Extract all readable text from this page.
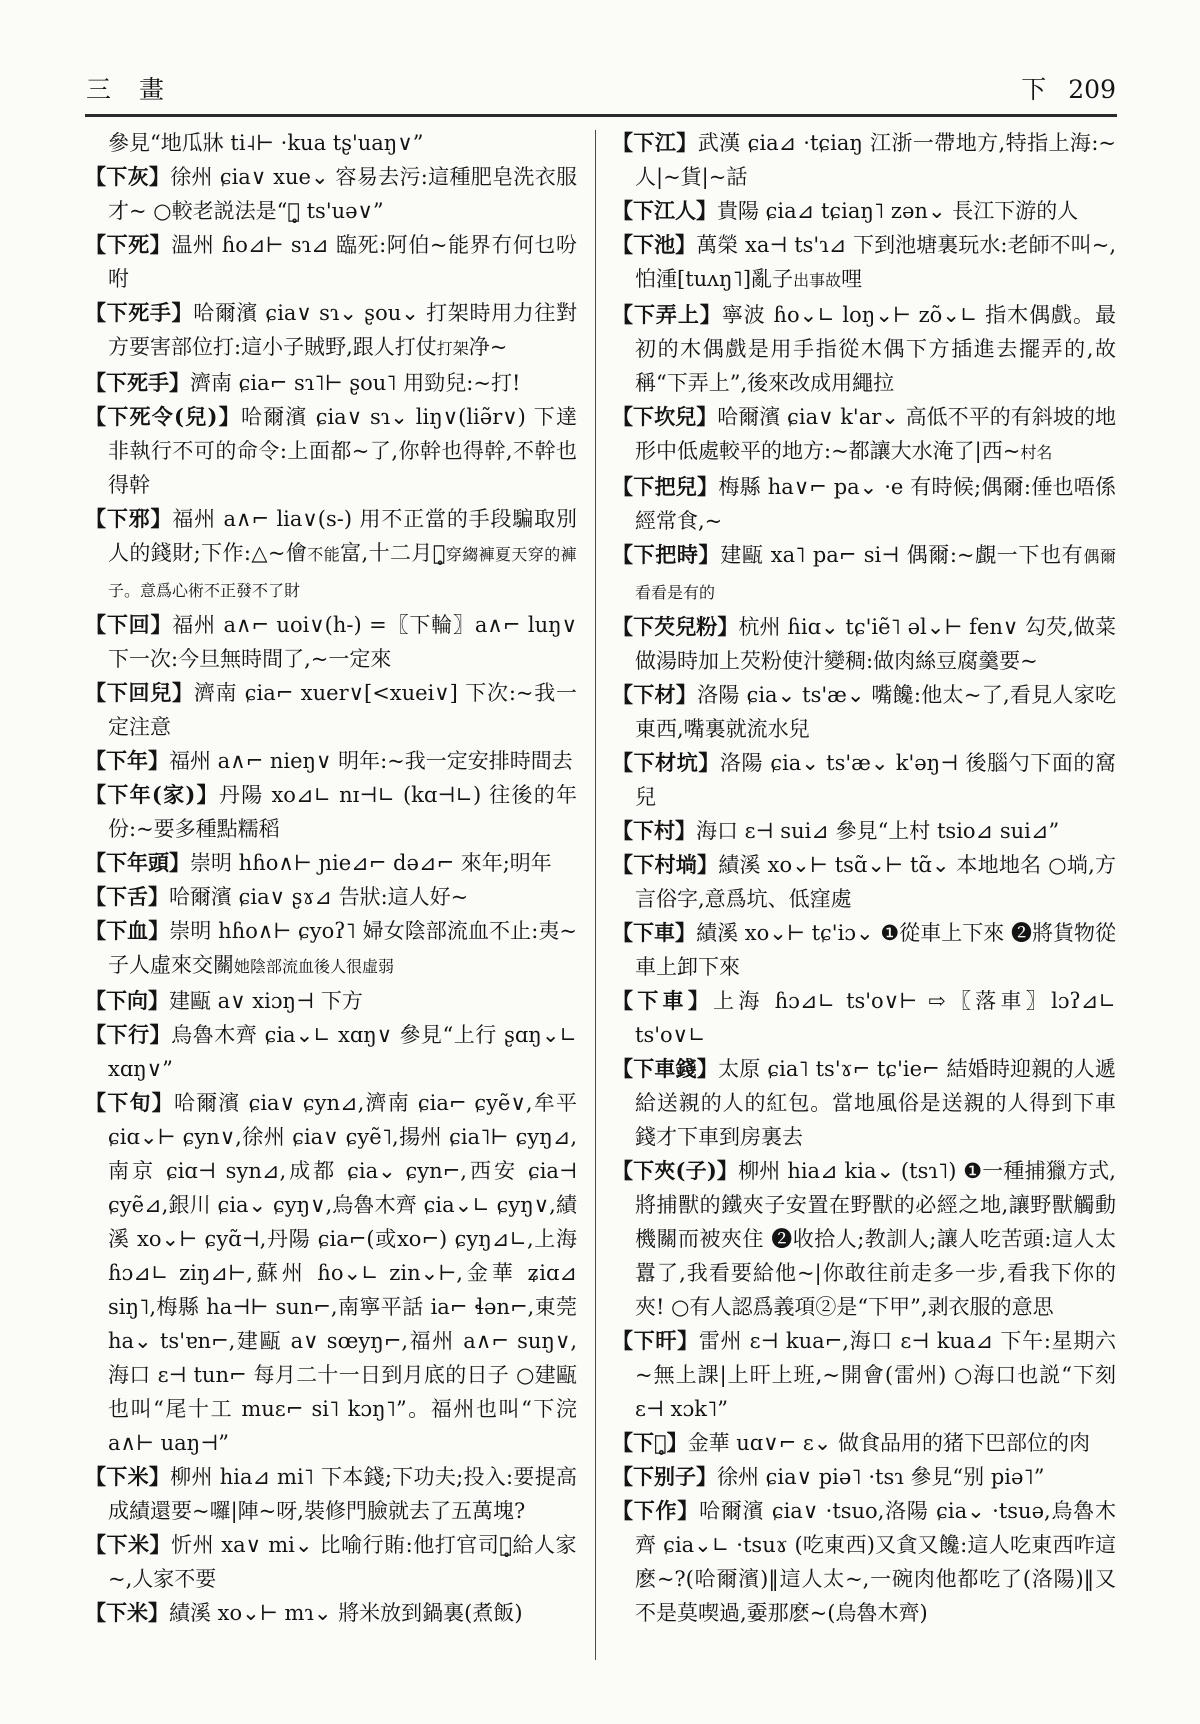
三 畫	下 209

參見“地瓜牀 ti˨⊢ ·kua tʂ'uaŋ∨”

【下灰】徐州 ɕia∨ xue⌄ 容易去污:這種肥皂洗衣服才~ ○較老説法是“錯̥ ts'uə∨”

【下死】温州 ɦo⊿⊢ sɿ⊿ 臨死:阿伯~能界冇何乜吩咐

【下死手】哈爾濱 ɕia∨ sɿ⌄ ʂou⌄ 打架時用力往對方要害部位打:這小子賊野,跟人打仗打架净~

【下死手】濟南 ɕia⌐ sɿ˥⊢ ʂou˥ 用勁兒:~打!

【下死令(兒)】哈爾濱 ɕia∨ sɿ⌄ liŋ∨(liə̃r∨) 下達非執行不可的命令:上面都~了,你幹也得幹,不幹也得幹

【下邪】福州 a∧⌐ lia∨(s-) 用不正當的手段騙取別人的錢財;下作:△~儈不能富,十二月頌̥穿縐褲夏天穿的褲子。意爲心術不正發不了財

【下回】福州 a∧⌐ uoi∨(h-) =〖下輪〗a∧⌐ luŋ∨ 下一次:今旦無時間了,~一定來

【下回兒】濟南 ɕia⌐ xuer∨[<xuei∨] 下次:~我一定注意

【下年】福州 a∧⌐ nieŋ∨ 明年:~我一定安排時間去

【下年(家)】丹陽 xo⊿∟ nɪ⊣∟ (kɑ⊣∟) 往後的年份:~要多種點糯稻

【下年頭】崇明 hɦo∧⊢ ɲie⊿⌐ də⊿⌐ 來年;明年

【下舌】哈爾濱 ɕia∨ ʂɤ⊿ 告狀:這人好~

【下血】崇明 hɦo∧⊢ ɕyoʔ˥ 婦女陰部流血不止:夷~子人虛來交關她陰部流血後人很虛弱

【下向】建甌 a∨ xiɔŋ⊣ 下方

【下行】烏魯木齊 ɕia⌄∟ xɑŋ∨ 參見“上行 ʂɑŋ⌄∟ xɑŋ∨”

【下旬】哈爾濱 ɕia∨ ɕyn⊿,濟南 ɕia⌐ ɕyẽ∨,牟平 ɕiɑ⌄⊢ ɕyn∨,徐州 ɕia∨ ɕyẽ˥,揚州 ɕia˥⊢ ɕyŋ⊿,南京 ɕiɑ⊣ syn⊿,成都 ɕia⌄ ɕyn⌐,西安 ɕia⊣ ɕyẽ⊿,銀川 ɕia⌄ ɕyŋ∨,烏魯木齊 ɕia⌄∟ ɕyŋ∨,績溪 xo⌄⊢ ɕyɑ̃⊣,丹陽 ɕia⌐(或xo⌐) ɕyŋ⊿∟,上海 ɦɔ⊿∟ ziŋ⊿⊢,蘇州 ɦo⌄∟ zin⌄⊢,金華 ʑiɑ⊿ siŋ˥,梅縣 ha⊣⊢ sun⌐,南寧平話 ia⌐ ɬən⌐,東莞 ha⌄ ts'ɐn⌐,建甌 a∨ sœyŋ⌐,福州 a∧⌐ suŋ∨,海口 ɛ⊣ tun⌐ 每月二十一日到月底的日子 ○建甌也叫“尾十工 muɛ⌐ si˥ kɔŋ˥”。福州也叫“下浣 a∧⊢ uaŋ⊣”

【下米】柳州 hia⊿ mi˥ 下本錢;下功夫;投入:要提高成績還要~囉|陣~呀,裝修門臉就去了五萬塊?

【下米】忻州 xa∨ mi⌄ 比喻行賄:他打官司嗓̥給人家~,人家不要

【下米】績溪 xo⌄⊢ mɿ⌄ 將米放到鍋裏(煮飯)

【下江】武漢 ɕia⊿ ·tɕiaŋ 江浙一帶地方,特指上海:~人|~貨|~話

【下江人】貴陽 ɕia⊿ tɕiaŋ˥ zən⌄ 長江下游的人

【下池】萬榮 xa⊣ ts'ɿ⊿ 下到池塘裏玩水:老師不叫~,怕湩[tuʌŋ˥]亂子出事故哩

【下弄上】寧波 ɦo⌄∟ loŋ⌄⊢ zõ⌄∟ 指木偶戲。最初的木偶戲是用手指從木偶下方插進去擺弄的,故稱“下弄上”,後來改成用繩拉

【下坎兒】哈爾濱 ɕia∨ k'ar⌄ 高低不平的有斜坡的地形中低處較平的地方:~都讓大水淹了|西~村名

【下把兒】梅縣 ha∨⌐ pa⌄ ·e 有時候;偶爾:倕也唔係經常食,~

【下把時】建甌 xa˥ pa⌐ si⊣ 偶爾:~覰一下也有偶爾看看是有的

【下芡兒粉】杭州 ɦiɑ⌄ tɕ'iẽ˥ əl⌄⊢ fen∨ 勾芡,做菜做湯時加上芡粉使汁變稠:做肉絲豆腐羹要~

【下材】洛陽 ɕia⌄ ts'æ⌄ 嘴饞:他太~了,看見人家吃東西,嘴裏就流水兒

【下材坑】洛陽 ɕia⌄ ts'æ⌄ k'əŋ⊣ 後腦勺下面的窩兒

【下村】海口 ɛ⊣ sui⊿ 參見“上村 tsio⊿ sui⊿”

【下村埫】績溪 xo⌄⊢ tsɑ̃⌄⊢ tɑ̃⌄ 本地地名 ○埫,方言俗字,意爲坑、低窪處

【下車】績溪 xo⌄⊢ tɕ'iɔ⌄ ❶從車上下來 ❷將貨物從車上卸下來

【下車】上海 ɦɔ⊿∟ ts'o∨⊢ ⇨〖落車〗lɔʔ⊿∟ ts'o∨∟

【下車錢】太原 ɕia˥ ts'ɤ⌐ tɕ'ie⌐ 結婚時迎親的人遞給送親的人的紅包。當地風俗是送親的人得到下車錢才下車到房裏去

【下夾(子)】柳州 hia⊿ kia⌄ (tsɿ˥) ❶一種捕獵方式,將捕獸的鐵夾子安置在野獸的必經之地,讓野獸觸動機關而被夾住 ❷收拾人;教訓人;讓人吃苦頭:這人太囂了,我看要給他~|你敢往前走多一步,看我下你的夾! ○有人認爲義項②是“下甲”,剥衣服的意思

【下旰】雷州 ɛ⊣ kua⌐,海口 ɛ⊣ kua⊿ 下午:星期六~無上課|上旰上班,~開會(雷州) ○海口也説“下刻 ɛ⊣ xɔk˥”

【下呆̥】金華 uɑ∨⌐ ɛ⌄ 做食品用的猪下巴部位的肉

【下别子】徐州 ɕia∨ piə˥ ·tsɿ 參見“别 piə˥”

【下作】哈爾濱 ɕia∨ ·tsuo,洛陽 ɕia⌄ ·tsuə,烏魯木齊 ɕia⌄∟ ·tsuɤ (吃東西)又貪又饞:這人吃東西咋這麽~?(哈爾濱)‖這人太~,一碗肉他都吃了(洛陽)‖又不是莫喫過,嫑那麽~(烏魯木齊)
